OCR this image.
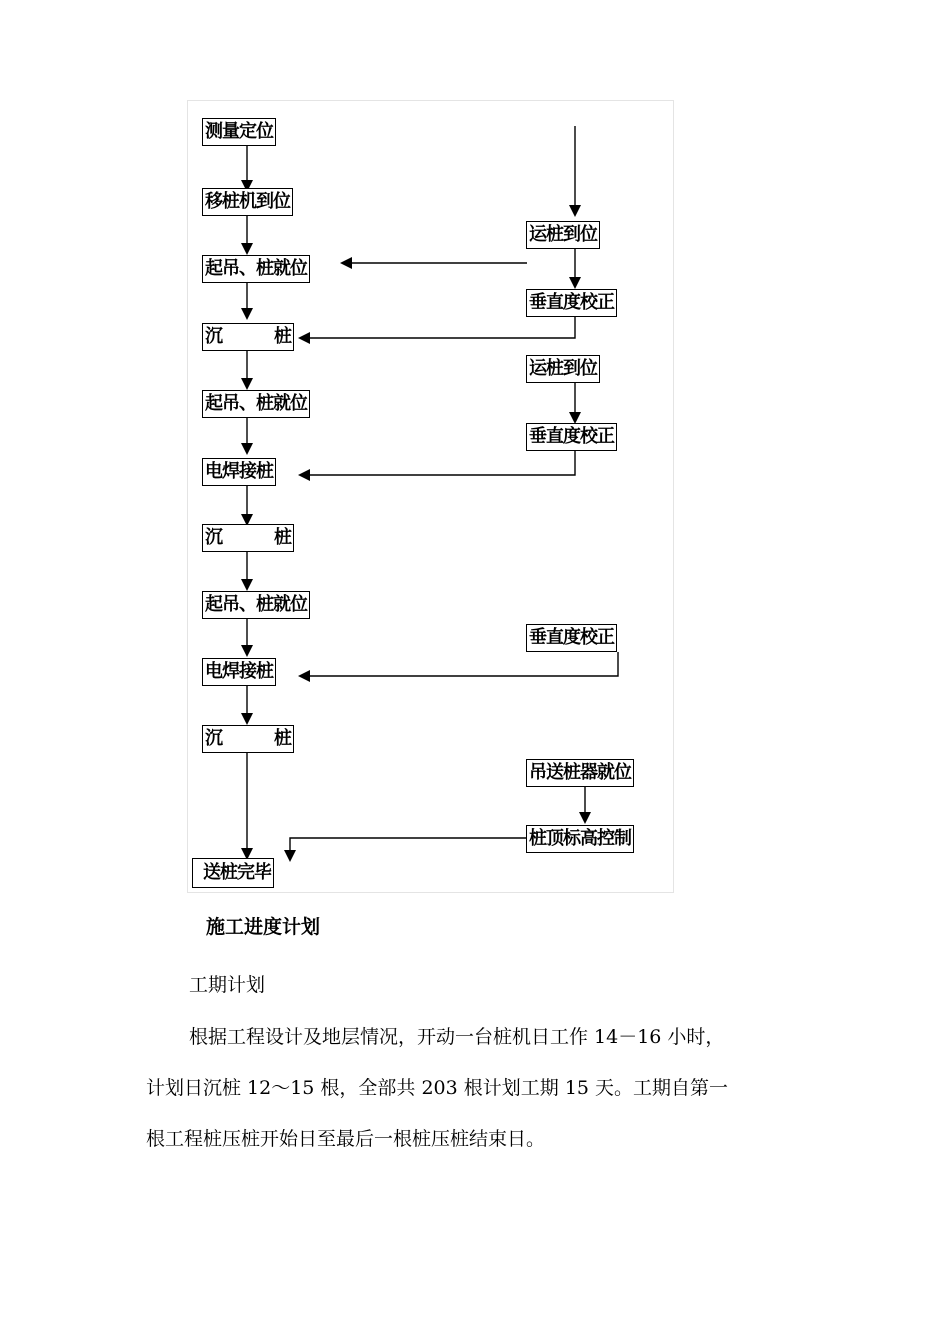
测量定位
移桩机到位
起吊、桩就位
沉	桩
起吊、桩就位
电焊接桩
沉	桩
起吊、桩就位
电焊接桩
沉	桩
送桩完毕
运桩到位
垂直度校正
运桩到位
垂直度校正
垂直度校正
吊送桩器就位
桩顶标高控制
施工进度计划
工期计划
根据工程设计及地层情况，开动一台桩机日工作 14－16 小时，
计划日沉桩 12～15 根，全部共 203 根计划工期 15 天。工期自第一
根工程桩压桩开始日至最后一根桩压桩结束日。
